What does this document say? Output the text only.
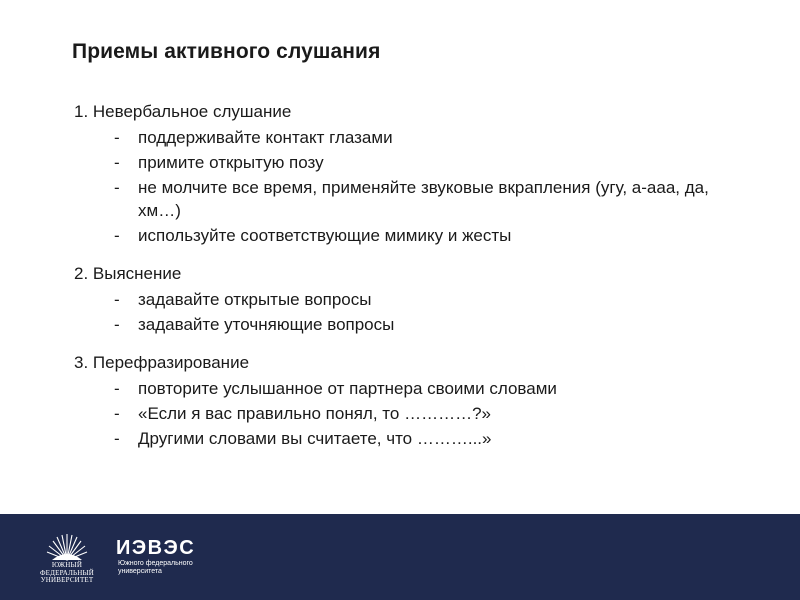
Приемы активного слушания
1. Невербальное слушание
- поддерживайте контакт глазами
- примите открытую позу
- не молчите все время, применяйте звуковые вкрапления (угу, а-ааа, да, хм…)
- используйте соответствующие мимику и жесты
2. Выяснение
- задавайте открытые вопросы
- задавайте уточняющие вопросы
3. Перефразирование
- повторите услышанное от партнера своими словами
- «Если я вас правильно понял, то …………?»
- Другими словами вы считаете, что ………...»
ЮЖНЫЙ
ФЕДЕРАЛЬНЫЙ
УНИВЕРСИТЕТ
ИЭВЭС
Южного федерального
университета
